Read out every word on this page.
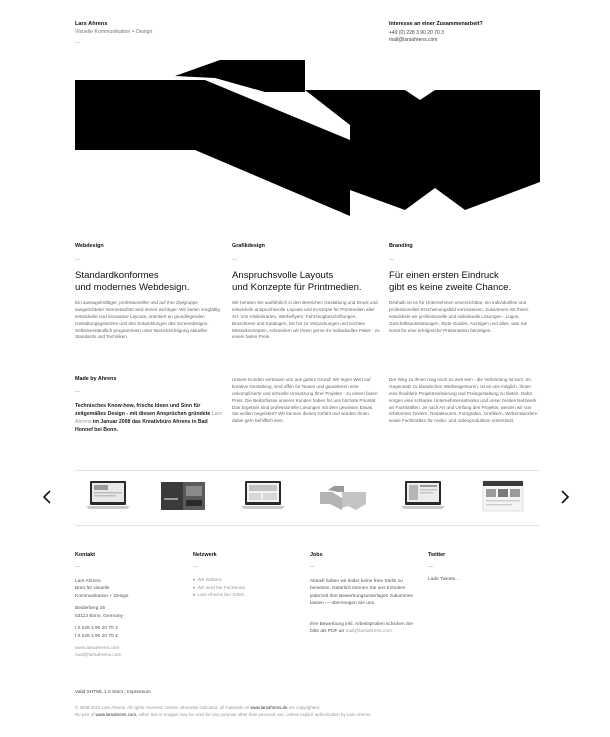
Lars Ahrens
Visuelle Kommunikation + Design
—
Interesse an einer Zusammenarbeit?
+49 (0) 228 3 90 20 70 3
mail@larsahrens.com
Webdesign
—
Standardkonformes
und modernes Webdesign.
Ein aussagekräftiger, professioneller und auf Ihre Zielgruppe ausgerichteter Internetauftritt wird immer wichtiger. Wir bieten sorgfältig entwickelte und innovative Layouts, orientiert an grundlegenden Gestaltungsgesetzen und den Entwicklungen des Screendesigns. Selbstverständlich programmiert unter Berücksichtigung aktueller Standards und Techniken.
Grafikdesign
—
Anspruchsvolle Layouts
und Konzepte für Printmedien.
Wir beraten Sie ausführlich in den Bereichen Gestaltung und Druck und entwickeln anspruchsvolle Layouts und Konzepte für Printmedien aller Art. Von Visitenkarten, Werbeflyern, Fahrzeugbeschriftungen, Broschüren und Katalogen, bis hin zu Verpackungen und leichten Messekonzepten, schneidern wir Ihnen gerne Ihr individuelles Paket - zu einem fairen Preis.
Branding
—
Für einen ersten Eindruck
gibt es keine zweite Chance.
Deshalb ist es für Unternehmen unverzichtbar, ein individuelles und professionelles Erscheinungsbild vorzuweisen. Zusammen mit Ihnen entwickeln wir professionelle und individuelle Lösungen - Logos, Geschäftsausstattungen, Style-Guides, Anzeigen und alles, was Sie sonst für eine erfolgreiche Präsentation benötigen.
Made by Ahrens
—
Technisches Know-how, frische Ideen und Sinn für zeitgemäßes Design - mit diesen Ansprüchen gründete Lars Ahrens im Januar 2008 das Kreativbüro Ahrens in Bad Honnef bei Bonn.
Unsere Kunden vertrauen uns aus gutem Grund: Wir legen Wert auf kreative Gestaltung, sind offen für Neues und garantieren eine unkomplizierte und schnelle Umsetzung Ihrer Projekte - zu einem fairen Preis. Die Bedürfnisse unserer Kunden haben für uns höchste Priorität. Das Ergebnis sind professionelle Lösungen mit dem gewissen Etwas. Sie wollen begeistert? Wir kennen dieses Gefühl und würden Ihnen dabei gern behilflich sein.
Der Weg zu Ihnen mag noch so weit sein - die Verbindung ist kurz. Im Gegensatz zu klassischen Werbeagenturen, ist es uns möglich, Ihnen eine flexiblere Projektrealisierung und Preisgestaltung zu bieten. Dafür sorgen eine schlanke Unternehmensstruktur und unser breites Netzwerk an Fachkräften. Je nach Art und Umfang des Projekts, werden wir von erfahrenen Textern, Redakteuren, Fotografen, Grafikern, Webentwicklern sowie Fachkräften für Audio- und Videoproduktion unterstützt.
Kontakt
—
Lars Ahrens
Büro für visuelle
Kommunikation + Design
Beiderberg 25
53113 Bonn, Germany
t 0 228 3 90 20 70 3
f 0 228 3 90 20 70 4
www.larsahrens.com
mail@larsahrens.com
Netzwerk
—
▸ Wir twittern.
▸ Wir sind bei Facebook.
▸ Lars Ahrens bei XING.
Jobs
—
Aktuell haben wir leider keine freie Stelle zu besetzen. Natürlich können Sie uns trotzdem jederzeit Ihre Bewerbungsunterlagen zukommen lassen — überzeugen Sie uns.
Ihre Bewerbung inkl. Arbeitsproben schicken Sie bitte als PDF an mail@larsahrens.com.
Twitter
—
Lade Tweets...
Valid XHTML 1.0 Strict | Impressum
© 2008-2010 Lars Ahrens. All rights reserved. Unless otherwise indicated, all materials on www.larsahrens.de are copyrighted.
No part of www.larsahrens.com, either text or images may be used for any purpose other than personal use, unless explicit authorization by Lars Ahrens.
